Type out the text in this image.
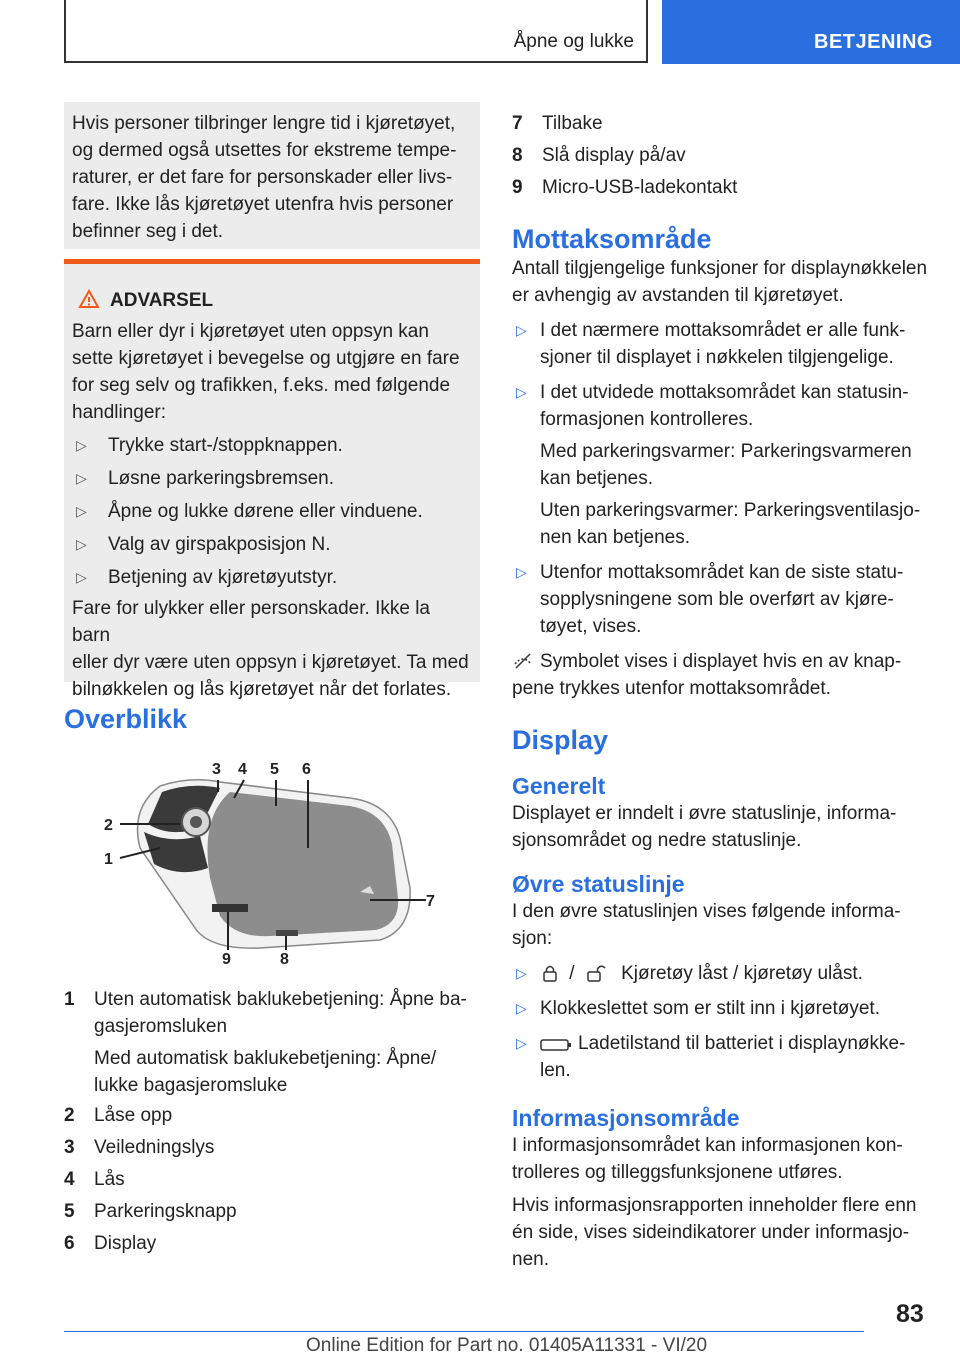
Åpne og lukke	BETJENING

Hvis personer tilbringer lengre tid i kjøretøyet,

og dermed også utsettes for ekstreme tempe-

raturer, er det fare for personskader eller livs-

fare. Ikke lås kjøretøyet utenfra hvis personer

befinner seg i det.

ADVARSEL

Barn eller dyr i kjøretøyet uten oppsyn kan

sette kjøretøyet i bevegelse og utgjøre en fare

for seg selv og trafikken, f.eks. med følgende

handlinger:

▷ Trykke start-/stoppknappen.
▷ Løsne parkeringsbremsen.
▷ Åpne og lukke dørene eller vinduene.
▷ Valg av girspakposisjon N.
▷ Betjening av kjøretøyutstyr.

Fare for ulykker eller personskader. Ikke la barn

eller dyr være uten oppsyn i kjøretøyet. Ta med

bilnøkkelen og lås kjøretøyet når det forlates.

Overblikk

3 4 5 6
2
1
7
9	8
1 Uten automatisk baklukebetjening: Åpne ba-

gasjeromsluken

Med automatisk baklukebetjening: Åpne/

lukke bagasjeromsluke

2 Låse opp

3 Veiledningslys

4 Lås

5 Parkeringsknapp

6 Display

7 Tilbake

8 Slå display på/av

9 Micro-USB-ladekontakt

Mottaksområde

Antall tilgjengelige funksjoner for displaynøkkelen

er avhengig av avstanden til kjøretøyet.

▷ I det nærmere mottaksområdet er alle funk-

sjoner til displayet i nøkkelen tilgjengelige.

▷ I det utvidede mottaksområdet kan statusin-

formasjonen kontrolleres.

Med parkeringsvarmer: Parkeringsvarmeren

kan betjenes.

Uten parkeringsvarmer: Parkeringsventilasjo-

nen kan betjenes.

▷ Utenfor mottaksområdet kan de siste statu-

sopplysningene som ble overført av kjøre-

tøyet, vises.

Symbolet vises i displayet hvis en av knap-

pene trykkes utenfor mottaksområdet.

Display

Generelt

Displayet er inndelt i øvre statuslinje, informa-

sjonsområdet og nedre statuslinje.

Øvre statuslinje

I den øvre statuslinjen vises følgende informa-

sjon:

▷	/ Kjøretøy låst / kjøretøy ulåst.

▷ Klokkeslettet som er stilt inn i kjøretøyet.

▷	Ladetilstand til batteriet i displaynøkke-

len.

Informasjonsområde

I informasjonsområdet kan informasjonen kon-

trolleres og tilleggsfunksjonene utføres.

Hvis informasjonsrapporten inneholder flere enn

én side, vises sideindikatorer under informasjo-

nen.

83
Online Edition for Part no. 01405A11331 - VI/20
